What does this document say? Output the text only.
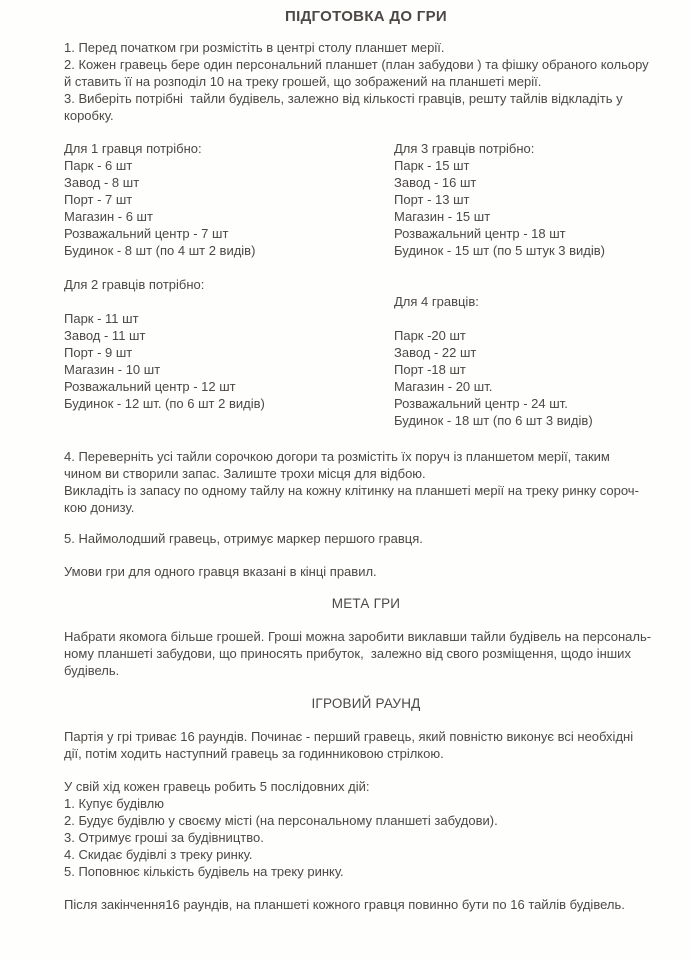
ПІДГОТОВКА ДО ГРИ
1. Перед початком гри розмістіть в центрі столу планшет мерії.
2. Кожен гравець бере один персональний планшет (план забудови ) та фішку обраного кольору
й ставить її на розподіл 10 на треку грошей, що зображений на планшеті мерії.
3. Виберіть потрібні  тайли будівель, залежно від кількості гравців, решту тайлів відкладіть у
коробку.
Для 1 гравця потрібно:
Парк - 6 шт
Завод - 8 шт
Порт - 7 шт
Магазин - 6 шт
Розважальний центр - 7 шт
Будинок - 8 шт (по 4 шт 2 видів)
Для 2 гравців потрібно:
Парк - 11 шт
Завод - 11 шт
Порт - 9 шт
Магазин - 10 шт
Розважальний центр - 12 шт
Будинок - 12 шт. (по 6 шт 2 видів)
Для 3 гравців потрібно:
Парк - 15 шт
Завод - 16 шт
Порт - 13 шт
Магазин - 15 шт
Розважальний центр - 18 шт
Будинок - 15 шт (по 5 штук 3 видів)
Для 4 гравців:
Парк -20 шт
Завод - 22 шт
Порт -18 шт
Магазин - 20 шт.
Розважальний центр - 24 шт.
Будинок - 18 шт (по 6 шт 3 видів)
4. Переверніть усі тайли сорочкою догори та розмістіть їх поруч із планшетом мерії, таким
чином ви створили запас. Залиште трохи місця для відбою.
Викладіть із запасу по одному тайлу на кожну клітинку на планшеті мерії на треку ринку сороч-
кою донизу.
5. Наймолодший гравець, отримує маркер першого гравця.
Умови гри для одного гравця вказані в кінці правил.
МЕТА ГРИ
Набрати якомога більше грошей. Гроші можна заробити виклавши тайли будівель на персональ-
ному планшеті забудови, що приносять прибуток,  залежно від свого розміщення, щодо інших
будівель.
ІГРОВИЙ РАУНД
Партія у грі триває 16 раундів. Починає - перший гравець, який повністю виконує всі необхідні
дії, потім ходить наступний гравець за годинниковою стрілкою.
У свій хід кожен гравець робить 5 послідовних дій:
1. Купує будівлю
2. Будує будівлю у своєму місті (на персональному планшеті забудови).
3. Отримує гроші за будівництво.
4. Скидає будівлі з треку ринку.
5. Поповнює кількість будівель на треку ринку.
Після закінчення16 раундів, на планшеті кожного гравця повинно бути по 16 тайлів будівель.
